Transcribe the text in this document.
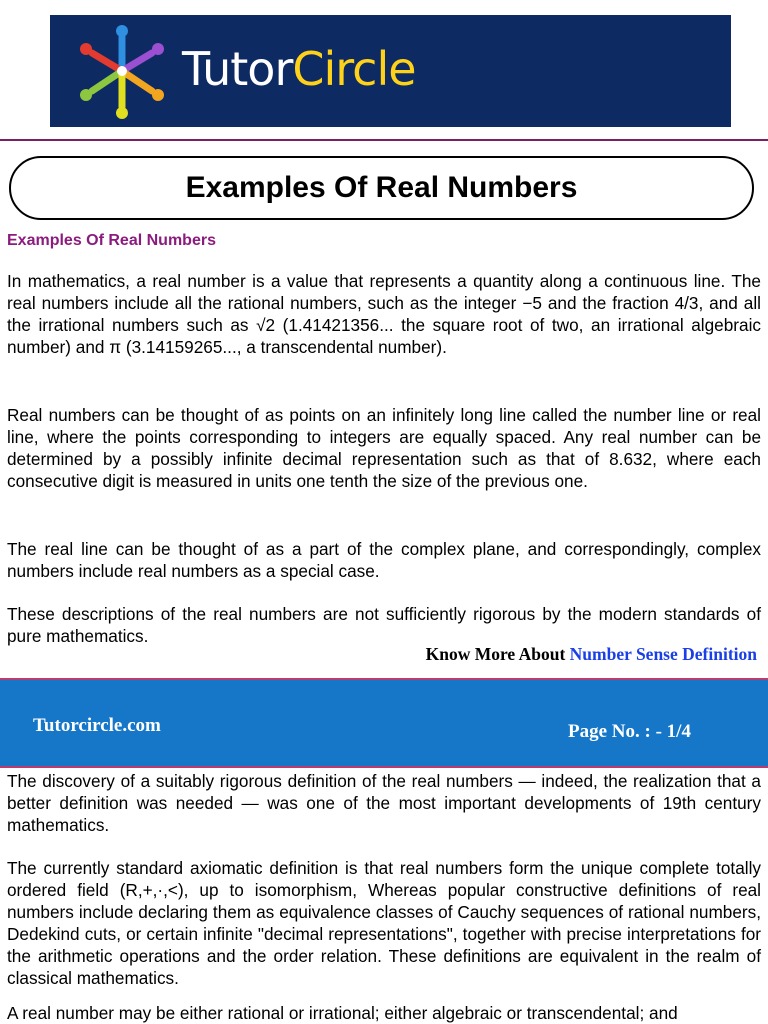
TutorCircle
Examples Of Real Numbers
Examples Of Real Numbers

In mathematics, a real number is a value that represents a quantity along a continuous line. The real numbers include all the rational numbers, such as the integer −5 and the fraction 4/3, and all the irrational numbers such as √2 (1.41421356... the square root of two, an irrational algebraic number) and π (3.14159265..., a transcendental number).

Real numbers can be thought of as points on an infinitely long line called the number line or real line, where the points corresponding to integers are equally spaced. Any real number can be determined by a possibly infinite decimal representation such as that of 8.632, where each consecutive digit is measured in units one tenth the size of the previous one.

The real line can be thought of as a part of the complex plane, and correspondingly, complex numbers include real numbers as a special case.

These descriptions of the real numbers are not sufficiently rigorous by the modern standards of pure mathematics.

Know More About Number Sense Definition
Tutorcircle.com	Page No. : - 1/4

The discovery of a suitably rigorous definition of the real numbers — indeed, the realization that a better definition was needed — was one of the most important developments of 19th century mathematics.

The currently standard axiomatic definition is that real numbers form the unique complete totally ordered field (R,+,·,<), up to isomorphism, Whereas popular constructive definitions of real numbers include declaring them as equivalence classes of Cauchy sequences of rational numbers, Dedekind cuts, or certain infinite "decimal representations", together with precise interpretations for the arithmetic operations and the order relation. These definitions are equivalent in the realm of classical mathematics.

A real number may be either rational or irrational; either algebraic or transcendental; and
